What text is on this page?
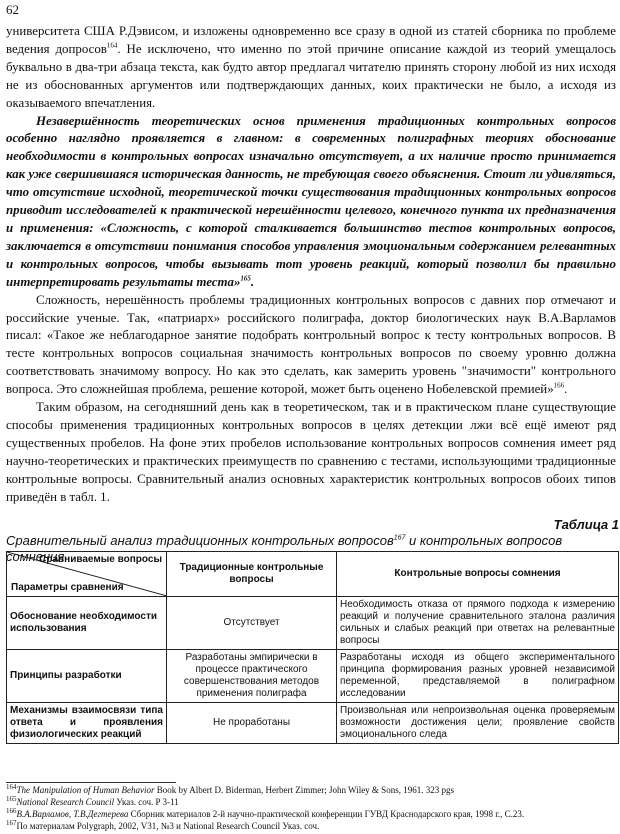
62

университета США Р.Дэвисом, и изложены одновременно все сразу в одной из статей сборника по проблеме ведения допросов$^{164}$. Не исключено, что именно по этой причине описание каждой из теорий умещалось буквально в два-три абзаца текста, как будто автор предлагал читателю принять сторону любой из них исходя не из обоснованных аргументов или подтверждающих данных, коих практически не было, а исходя из оказываемого впечатления.

Незавершённость теоретических основ применения традиционных контрольных вопросов особенно наглядно проявляется в главном: в современных полиграфных теориях обоснование необходимости в контрольных вопросах изначально отсутствует, а их наличие просто принимается как уже свершившаяся историческая данность, не требующая своего объяснения. Стоит ли удивляться, что отсутствие исходной, теоретической точки существования традиционных контрольных вопросов приводит исследователей к практической нерешённости целевого, конечного пункта их предназначения и применения: «Сложность, с которой сталкивается большинство тестов контрольных вопросов, заключается в отсутствии понимания способов управления эмоциональным содержанием релевантных и контрольных вопросов, чтобы вызывать тот уровень реакций, который позволил бы правильно интерпретировать результаты теста»$^{165}$.

Сложность, нерешённость проблемы традиционных контрольных вопросов с давних пор отмечают и российские ученые. Так, «патриарх» российского полиграфа, доктор биологических наук В.А.Варламов писал: «Такое же неблагодарное занятие подобрать контрольный вопрос к тесту контрольных вопросов. В тесте контрольных вопросов социальная значимость контрольных вопросов по своему уровню должна соответствовать значимому вопросу. Но как это сделать, как замерить уровень "значимости" контрольного вопроса. Это сложнейшая проблема, решение которой, может быть оценено Нобелевской премией»$^{166}$.

Таким образом, на сегодняшний день как в теоретическом, так и в практическом плане существующие способы применения традиционных контрольных вопросов в целях детекции лжи всё ещё имеют ряд существенных пробелов. На фоне этих пробелов использование контрольных вопросов сомнения имеет ряд научно-теоретических и практических преимуществ по сравнению с тестами, использующими традиционные контрольные вопросы. Сравнительный анализ основных характеристик контрольных вопросов обоих типов приведён в табл. 1.

Таблица 1
Сравнительный анализ традиционных контрольных вопросов$^{167}$ и контрольных вопросов сомнения
Сравниваемые вопросы
Параметры сравнения	Традиционные контрольные вопросы	Контрольные вопросы сомнения
Обоснование необходимости использования	Отсутствует	Необходимость отказа от прямого подхода к измерению реакций и получение сравнительного эталона различия сильных и слабых реакций при ответах на релевантные вопросы
Принципы разработки	Разработаны эмпирически в процессе практического совершенствования методов применения полиграфа	Разработаны исходя из общего экспериментального принципа формирования разных уровней независимой переменной, представляемой в полиграфном исследовании
Механизмы взаимосвязи типа ответа и проявления физиологических реакций	Не проработаны	Произвольная или непроизвольная оценка проверяемым возможности достижения цели; проявление свойств эмоционального следа
$^{164}$The Manipulation of Human Behavior Book by Albert D. Biderman, Herbert Zimmer; John Wiley & Sons, 1961. 323 pgs
$^{165}$National Research Council Указ. соч. P 3-11
$^{166}$В.А.Варламов, Т.В.Дегтерева Сборник материалов 2-й научно-практической конференции ГУВД Краснодарского края, 1998 г., С.23.
$^{167}$По материалам Polygraph, 2002, V31, №3 и National Research Council Указ. соч.
